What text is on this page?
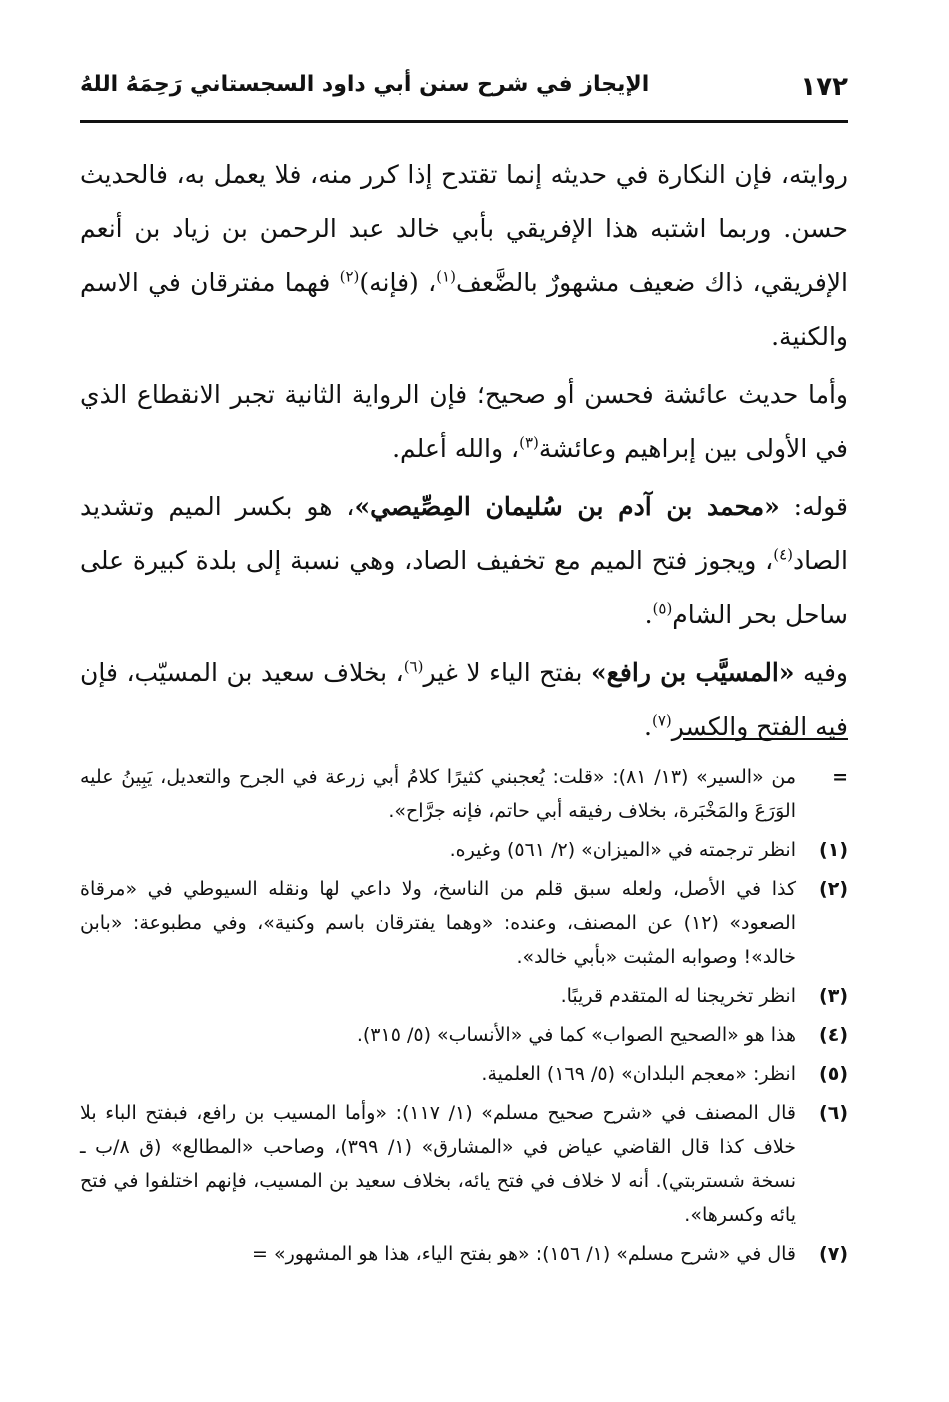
١٧٢
الإيجاز في شرح سنن أبي داود السجستاني رَحِمَهُ اللهُ

روايته، فإن النكارة في حديثه إنما تقتدح إذا كرر منه، فلا يعمل به، فالحديث حسن. وربما اشتبه هذا الإفريقي بأبي خالد عبد الرحمن بن زياد بن أنعم الإفريقي، ذاك ضعيف مشهورٌ بالضَّعف$^{(١)}$، (فإنه)$^{(٢)}$ فهما مفترقان في الاسم والكنية.

وأما حديث عائشة فحسن أو صحيح؛ فإن الرواية الثانية تجبر الانقطاع الذي في الأولى بين إبراهيم وعائشة$^{(٣)}$، والله أعلم.

قوله: «محمد بن آدم بن سُليمان المِصِّيصي»، هو بكسر الميم وتشديد الصاد$^{(٤)}$، ويجوز فتح الميم مع تخفيف الصاد، وهي نسبة إلى بلدة كبيرة على ساحل بحر الشام$^{(٥)}$.

وفيه «المسيَّب بن رافع» بفتح الياء لا غير$^{(٦)}$، بخلاف سعيد بن المسيّب، فإن فيه الفتح والكسر$^{(٧)}$.

=
من «السير» (١٣/ ٨١): «قلت: يُعجبني كثيرًا كلامُ أبي زرعة في الجرح والتعديل، يَبِينُ عليه الوَرَعَ والمَخْبَرة، بخلاف رفيقه أبي حاتم، فإنه جرَّاح».
(١)
انظر ترجمته في «الميزان» (٢/ ٥٦١) وغيره.
(٢)
كذا في الأصل، ولعله سبق قلم من الناسخ، ولا داعي لها ونقله السيوطي في «مرقاة الصعود» (١٢) عن المصنف، وعنده: «وهما يفترقان باسم وكنية»، وفي مطبوعة: «بابن خالد»! وصوابه المثبت «بأبي خالد».
(٣)
انظر تخريجنا له المتقدم قريبًا.
(٤)
هذا هو «الصحيح الصواب» كما في «الأنساب» (٥/ ٣١٥).
(٥)
انظر: «معجم البلدان» (٥/ ١٦٩) العلمية.
(٦)
قال المصنف في «شرح صحيح مسلم» (١/ ١١٧): «وأما المسيب بن رافع، فبفتح الباء بلا خلاف كذا قال القاضي عياض في «المشارق» (١/ ٣٩٩)، وصاحب «المطالع» (ق ٨/ب ـ نسخة شستربتي). أنه لا خلاف في فتح يائه، بخلاف سعيد بن المسيب، فإنهم اختلفوا في فتح يائه وكسرها».
(٧)
قال في «شرح مسلم» (١/ ١٥٦): «هو بفتح الياء، هذا هو المشهور» =
